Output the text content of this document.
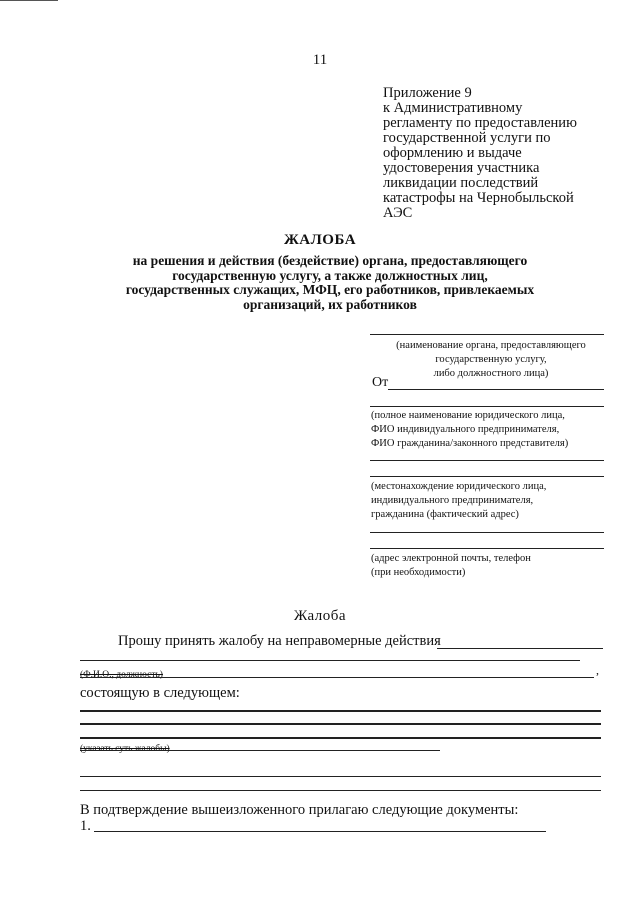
11
Приложение 9
к Административному
регламенту по предоставлению
государственной услуги по
оформлению и выдаче
удостоверения участника
ликвидации последствий
катастрофы на Чернобыльской
АЭС
ЖАЛОБА
на решения и действия (бездействие) органа, предоставляющего
государственную услугу, а также должностных лиц,
государственных служащих, МФЦ, его работников, привлекаемых
организаций, их работников
(наименование органа, предоставляющего
государственную услугу,
либо должностного лица)
От
(полное наименование юридического лица,
ФИО индивидуального предпринимателя,
ФИО гражданина/законного представителя)
(местонахождение юридического лица,
индивидуального предпринимателя,
гражданина (фактический адрес)
(адрес электронной почты, телефон
(при необходимости)
Жалоба
Прошу принять жалобу на неправомерные действия
(Ф.И.О., должность)	,
состоящую в следующем:
(указать суть жалобы)
В подтверждение вышеизложенного прилагаю следующие документы:
1.
